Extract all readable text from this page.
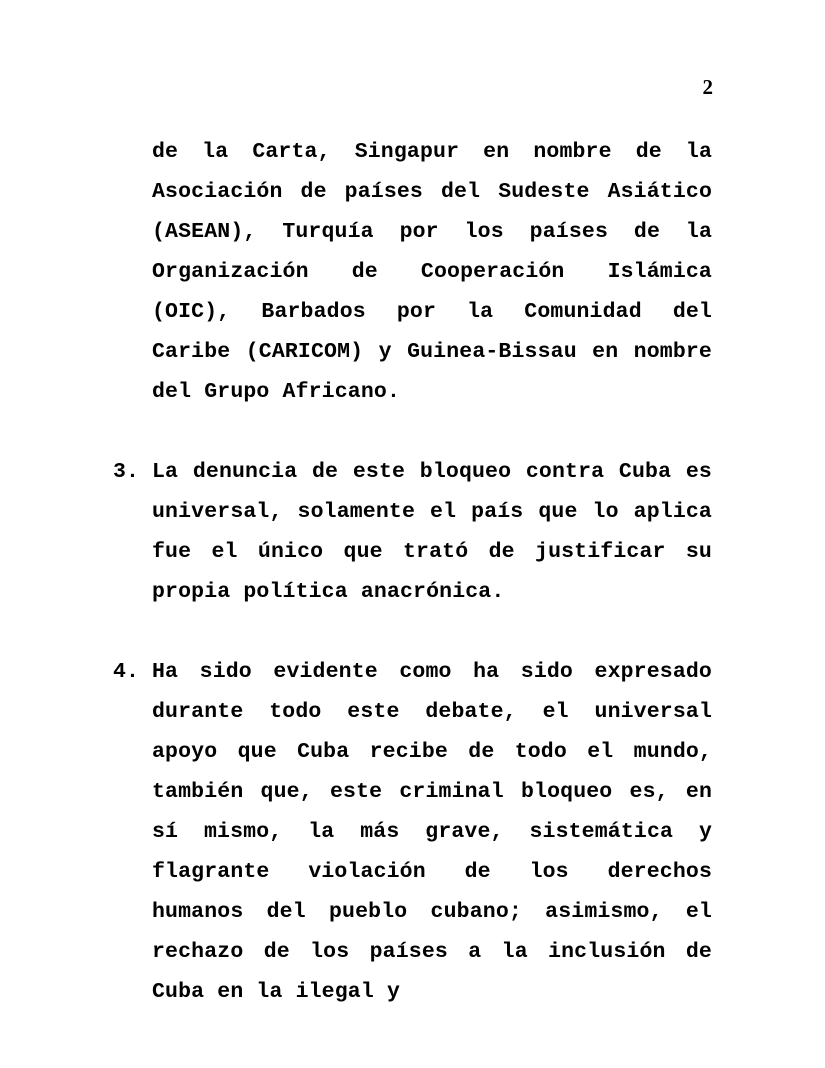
2
de la Carta, Singapur en nombre de la Asociación de países del Sudeste Asiático (ASEAN), Turquía por los países de la Organización de Cooperación Islámica (OIC), Barbados por la Comunidad del Caribe (CARICOM) y Guinea-Bissau en nombre del Grupo Africano.
3. La denuncia de este bloqueo contra Cuba es universal, solamente el país que lo aplica fue el único que trató de justificar su propia política anacrónica.
4. Ha sido evidente como ha sido expresado durante todo este debate, el universal apoyo que Cuba recibe de todo el mundo, también que, este criminal bloqueo es, en sí mismo, la más grave, sistemática y flagrante violación de los derechos humanos del pueblo cubano; asimismo, el rechazo de los países a la inclusión de Cuba en la ilegal y
